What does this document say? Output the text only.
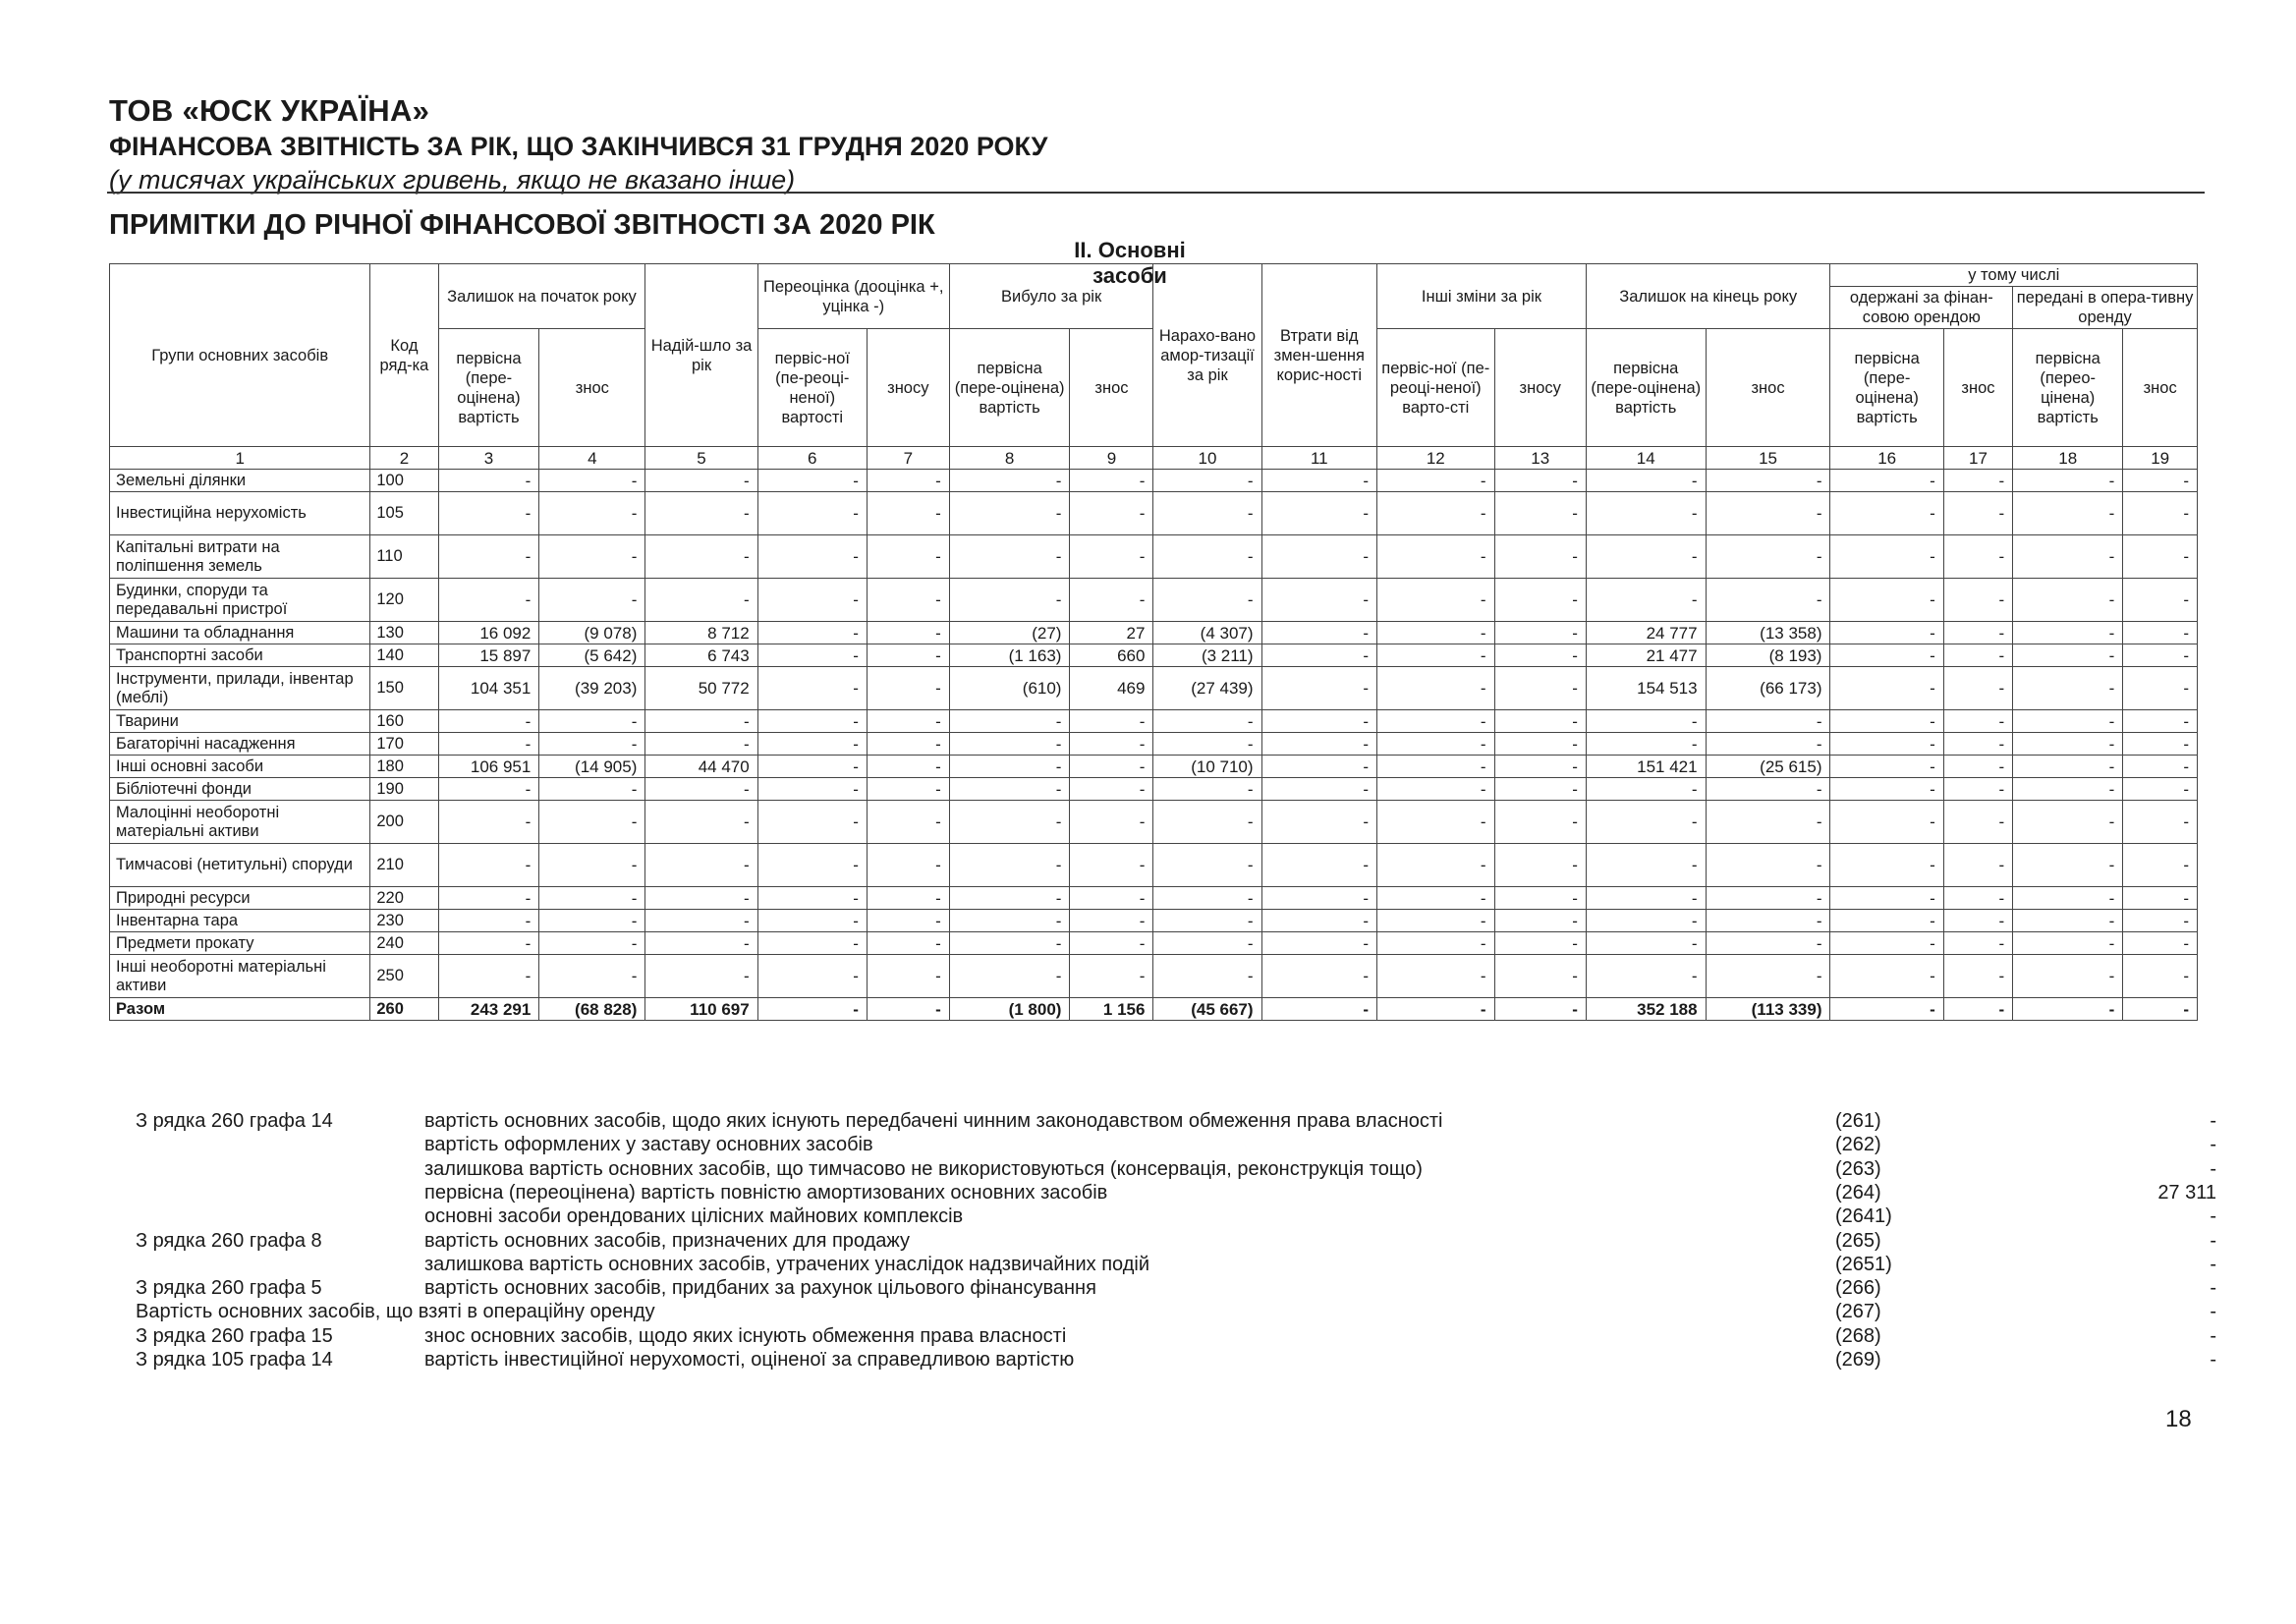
ТОВ «ЮСК УКРАЇНА»
ФІНАНСОВА ЗВІТНІСТЬ ЗА РІК, ЩО ЗАКІНЧИВСЯ 31 ГРУДНЯ 2020 РОКУ
(у тисячах українських гривень, якщо не вказано інше)
ПРИМІТКИ ДО РІЧНОЇ ФІНАНСОВОЇ ЗВІТНОСТІ ЗА 2020 РІК
II. Основні засоби
Групи основних засобів	Код ряд-ка	Залишок на початок року		Надій-шло за рік	Переоцінка (дооцінка +, уцінка -)		Вибуло за рік		Нарахо-вано амор-тизації за рік	Втрати від змен-шення корис-ності	Інші зміни за рік		Залишок на кінець року		у тому числі			
															одержані за фінан-совою орендою		передані в опера-тивну оренду	
		первісна (пере-оцінена) вартість	знос		первіс-ної (пе-реоці-неної) вартості	зносу	первісна (пере-оцінена) вартість	знос			первіс-ної (пе-реоці-неної) варто-сті	зносу	первісна (пере-оцінена) вартість	знос	первісна (пере-оцінена) вартість	знос	первісна (перео-цінена) вартість	знос
1	2	3	4	5	6	7	8	9	10	11	12	13	14	15	16	17	18	19
Земельні ділянки	100	-	-	-	-	-	-	-	-	-	-	-	-	-	-	-	-	-
Інвестиційна нерухомість	105	-	-	-	-	-	-	-	-	-	-	-	-	-	-	-	-	-
Капітальні витрати на поліпшення земель	110	-	-	-	-	-	-	-	-	-	-	-	-	-	-	-	-	-
Будинки, споруди та передавальні пристрої	120	-	-	-	-	-	-	-	-	-	-	-	-	-	-	-	-	-
Машини та обладнання	130	16 092	(9 078)	8 712	-	-	(27)	27	(4 307)	-	-	-	24 777	(13 358)	-	-	-	-
Транспортні засоби	140	15 897	(5 642)	6 743	-	-	(1 163)	660	(3 211)	-	-	-	21 477	(8 193)	-	-	-	-
Інструменти, прилади, інвентар (меблі)	150	104 351	(39 203)	50 772	-	-	(610)	469	(27 439)	-	-	-	154 513	(66 173)	-	-	-	-
Тварини	160	-	-	-	-	-	-	-	-	-	-	-	-	-	-	-	-	-
Багаторічні насадження	170	-	-	-	-	-	-	-	-	-	-	-	-	-	-	-	-	-
Інші основні засоби	180	106 951	(14 905)	44 470	-	-	-	-	(10 710)	-	-	-	151 421	(25 615)	-	-	-	-
Бібліотечні фонди	190	-	-	-	-	-	-	-	-	-	-	-	-	-	-	-	-	-
Малоцінні необоротні матеріальні активи	200	-	-	-	-	-	-	-	-	-	-	-	-	-	-	-	-	-
Тимчасові (нетитульні) споруди	210	-	-	-	-	-	-	-	-	-	-	-	-	-	-	-	-	-
Природні ресурси	220	-	-	-	-	-	-	-	-	-	-	-	-	-	-	-	-	-
Інвентарна тара	230	-	-	-	-	-	-	-	-	-	-	-	-	-	-	-	-	-
Предмети прокату	240	-	-	-	-	-	-	-	-	-	-	-	-	-	-	-	-	-
Інші необоротні матеріальні активи	250	-	-	-	-	-	-	-	-	-	-	-	-	-	-	-	-	-
Разом	260	243 291	(68 828)	110 697	-	-	(1 800)	1 156	(45 667)	-	-	-	352 188	(113 339)	-	-	-	-
З рядка 260 графа 14	вартість основних засобів, щодо яких існують передбачені чинним законодавством обмеження права власності	(261)	-
вартість оформлених у заставу основних засобів	(262)	-
залишкова вартість основних засобів, що тимчасово не використовуються (консервація, реконструкція тощо)	(263)	-
первісна (переоцінена) вартість повністю амортизованих основних засобів	(264)	27 311
основні засоби орендованих цілісних майнових комплексів	(2641)	-
З рядка 260 графа 8	вартість основних засобів, призначених для продажу	(265)	-
залишкова вартість основних засобів, утрачених унаслідок надзвичайних подій	(2651)	-
З рядка 260 графа 5	вартість основних засобів, придбаних за рахунок цільового фінансування	(266)	-
Вартість основних засобів, що взяті в операційну оренду	(267)	-
З рядка 260 графа 15	знос основних засобів, щодо яких існують обмеження права власності	(268)	-
З рядка 105 графа 14	вартість інвестиційної нерухомості, оціненої за справедливою вартістю	(269)	-
18
